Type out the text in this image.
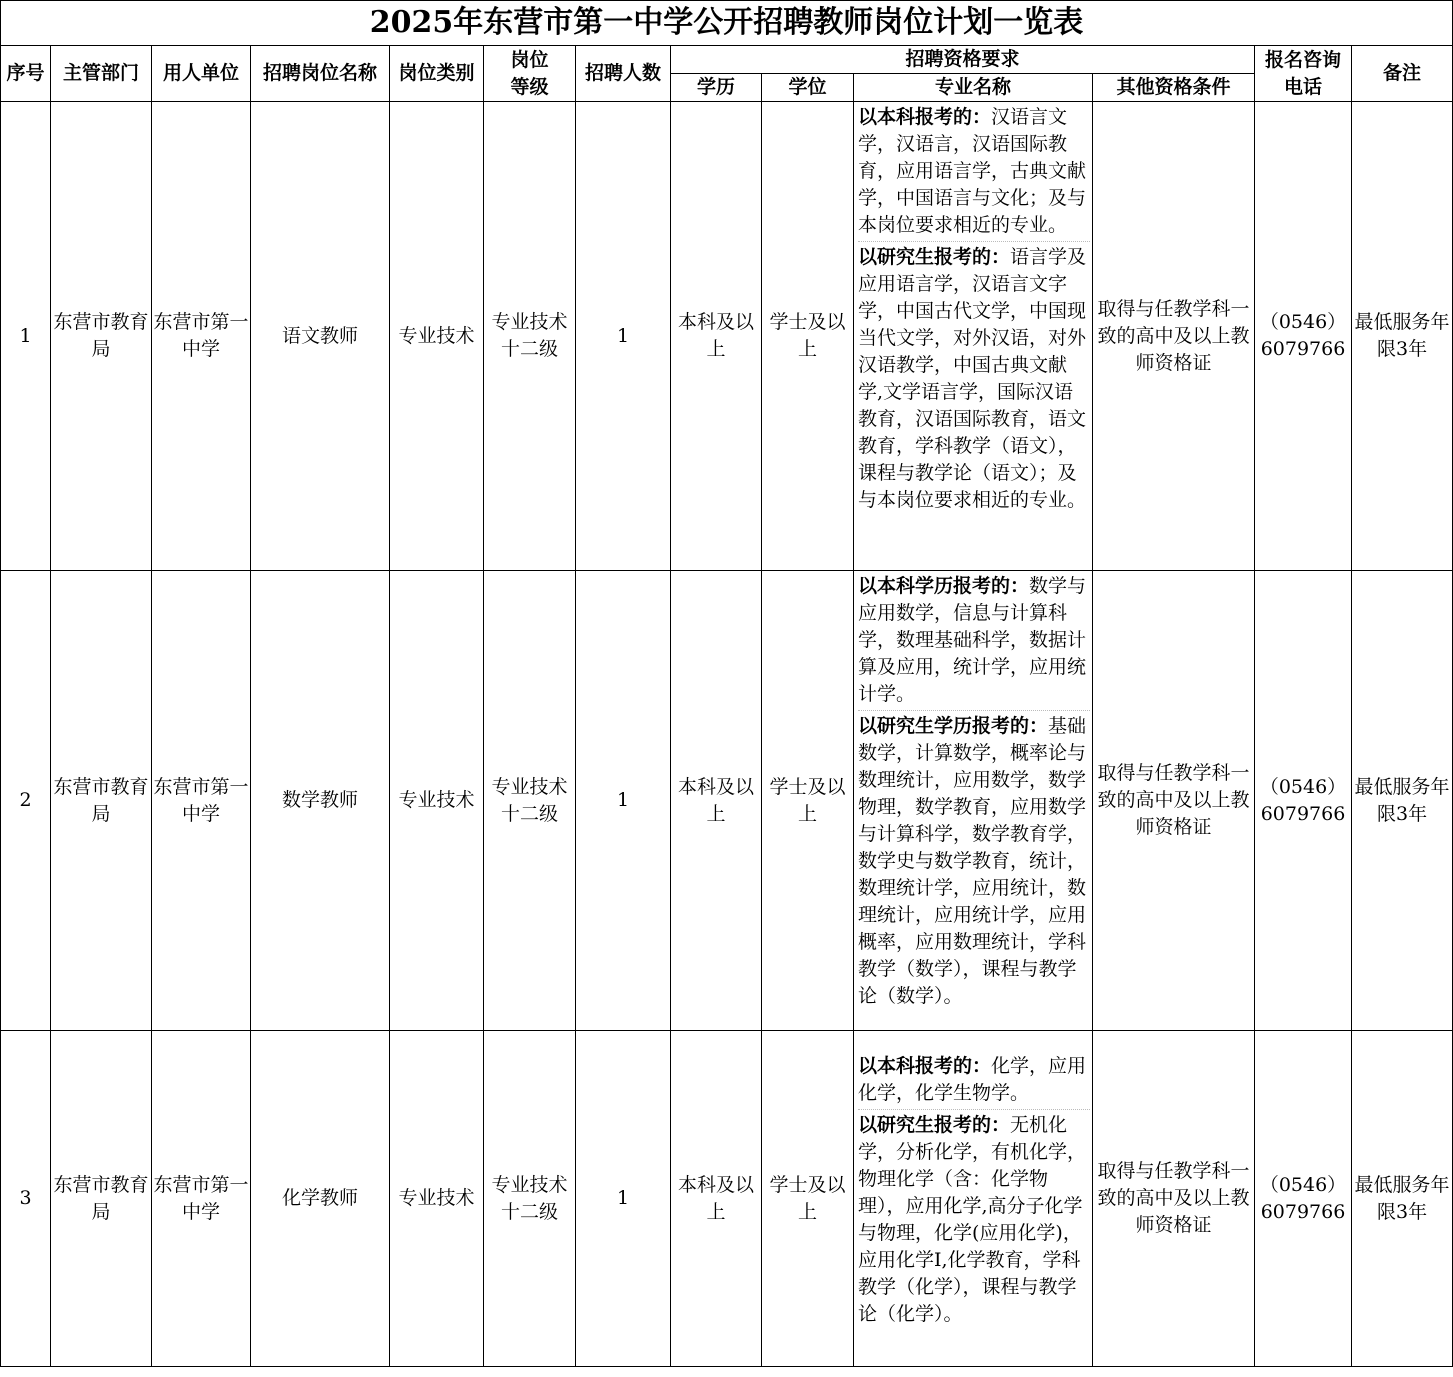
2025年东营市第一中学公开招聘教师岗位计划一览表												
序号	主管部门	用人单位	招聘岗位名称	岗位类别	岗位
等级	招聘人数	招聘资格要求				报名咨询
电话	备注
							学历	学位	专业名称	其他资格条件		
1	东营市教育局	东营市第一中学	语文教师	专业技术	专业技术十二级	1	本科及以上	学士及以上	以本科报考的：汉语言文学，汉语言，汉语国际教育，应用语言学，古典文献学，中国语言与文化；及与本岗位要求相近的专业。
以研究生报考的：语言学及应用语言学，汉语言文字学，中国古代文学，中国现当代文学，对外汉语，对外汉语教学，中国古典文献学,文学语言学，国际汉语教育，汉语国际教育，语文教育，学科教学（语文），课程与教学论（语文）；及与本岗位要求相近的专业。	取得与任教学科一致的高中及以上教师资格证	（0546）6079766	最低服务年限3年
2	东营市教育局	东营市第一中学	数学教师	专业技术	专业技术十二级	1	本科及以上	学士及以上	以本科学历报考的：数学与应用数学，信息与计算科学，数理基础科学，数据计算及应用，统计学，应用统计学。
以研究生学历报考的：基础数学，计算数学，概率论与数理统计，应用数学，数学物理，数学教育，应用数学与计算科学，数学教育学，数学史与数学教育，统计，数理统计学，应用统计，数理统计，应用统计学，应用概率，应用数理统计，学科教学（数学），课程与教学论（数学）。	取得与任教学科一致的高中及以上教师资格证	（0546）6079766	最低服务年限3年
3	东营市教育局	东营市第一中学	化学教师	专业技术	专业技术十二级	1	本科及以上	学士及以上	以本科报考的：化学，应用化学，化学生物学。
以研究生报考的：无机化学，分析化学，有机化学，物理化学（含：化学物理），应用化学,高分子化学与物理，化学(应用化学)， 应用化学Ⅰ,化学教育，学科教学（化学），课程与教学论（化学）。	取得与任教学科一致的高中及以上教师资格证	（0546）6079766	最低服务年限3年
